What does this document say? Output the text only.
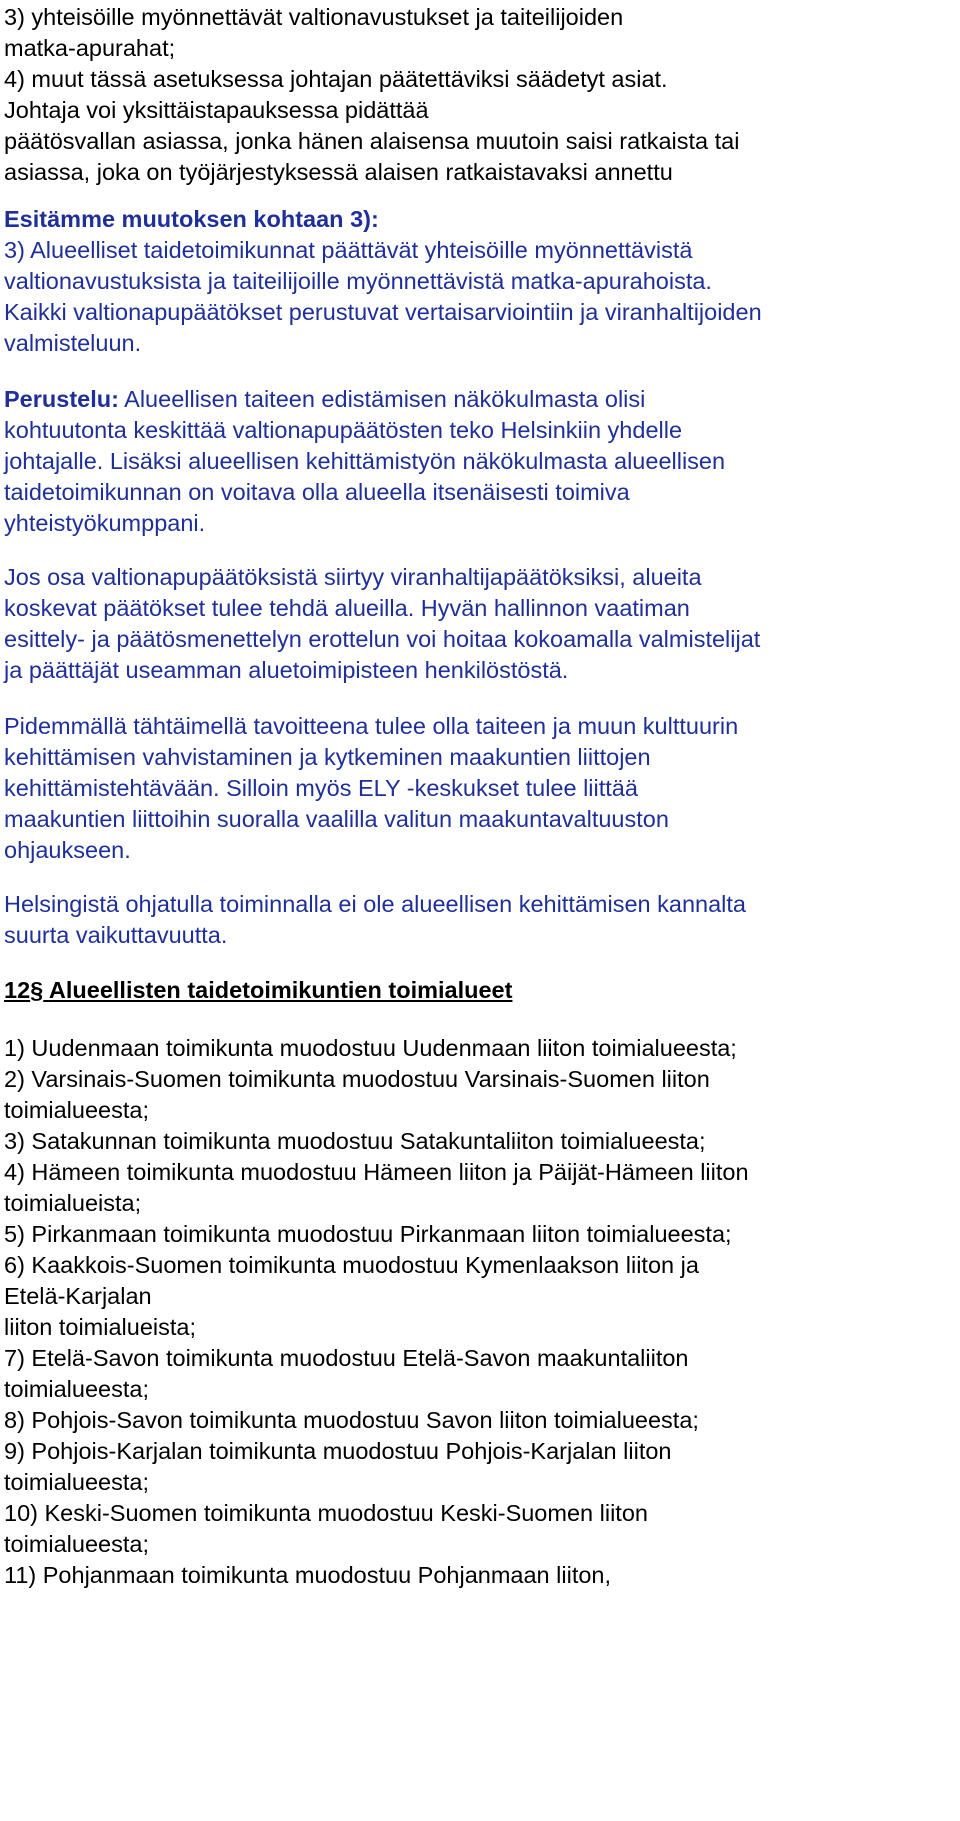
3) yhteisöille myönnettävät valtionavustukset ja taiteilijoiden

matka-apurahat;

4) muut tässä asetuksessa johtajan päätettäviksi säädetyt asiat.

Johtaja voi yksittäistapauksessa pidättää

päätösvallan asiassa, jonka hänen alaisensa muutoin saisi ratkaista tai

asiassa, joka on työjärjestyksessä alaisen ratkaistavaksi annettu

Esitämme muutoksen kohtaan 3):

3) Alueelliset taidetoimikunnat päättävät yhteisöille myönnettävistä

valtionavustuksista ja taiteilijoille myönnettävistä matka-apurahoista.

Kaikki valtionapupäätökset perustuvat vertaisarviointiin ja viranhaltijoiden

valmisteluun.

Perustelu: Alueellisen taiteen edistämisen näkökulmasta olisi

kohtuutonta keskittää valtionapupäätösten teko Helsinkiin yhdelle

johtajalle. Lisäksi alueellisen kehittämistyön näkökulmasta alueellisen

taidetoimikunnan on voitava olla alueella itsenäisesti toimiva

yhteistyökumppani.

Jos osa valtionapupäätöksistä siirtyy viranhaltijapäätöksiksi, alueita

koskevat päätökset tulee tehdä alueilla. Hyvän hallinnon vaatiman

esittely- ja päätösmenettelyn erottelun voi hoitaa kokoamalla valmistelijat

ja päättäjät useamman aluetoimipisteen henkilöstöstä.

Pidemmällä tähtäimellä tavoitteena tulee olla taiteen ja muun kulttuurin

kehittämisen vahvistaminen ja kytkeminen maakuntien liittojen

kehittämistehtävään. Silloin myös ELY -keskukset tulee liittää

maakuntien liittoihin suoralla vaalilla valitun maakuntavaltuuston

ohjaukseen.

Helsingistä ohjatulla toiminnalla ei ole alueellisen kehittämisen kannalta

suurta vaikuttavuutta.

12§ Alueellisten taidetoimikuntien toimialueet

1) Uudenmaan toimikunta muodostuu Uudenmaan liiton toimialueesta;

2) Varsinais-Suomen toimikunta muodostuu Varsinais-Suomen liiton

toimialueesta;

3) Satakunnan toimikunta muodostuu Satakuntaliiton toimialueesta;

4) Hämeen toimikunta muodostuu Hämeen liiton ja Päijät-Hämeen liiton

toimialueista;

5) Pirkanmaan toimikunta muodostuu Pirkanmaan liiton toimialueesta;

6) Kaakkois-Suomen toimikunta muodostuu Kymenlaakson liiton ja

Etelä-Karjalan

liiton toimialueista;

7) Etelä-Savon toimikunta muodostuu Etelä-Savon maakuntaliiton

toimialueesta;

8) Pohjois-Savon toimikunta muodostuu Savon liiton toimialueesta;

9) Pohjois-Karjalan toimikunta muodostuu Pohjois-Karjalan liiton

toimialueesta;

10) Keski-Suomen toimikunta muodostuu Keski-Suomen liiton

toimialueesta;

11) Pohjanmaan toimikunta muodostuu Pohjanmaan liiton,
